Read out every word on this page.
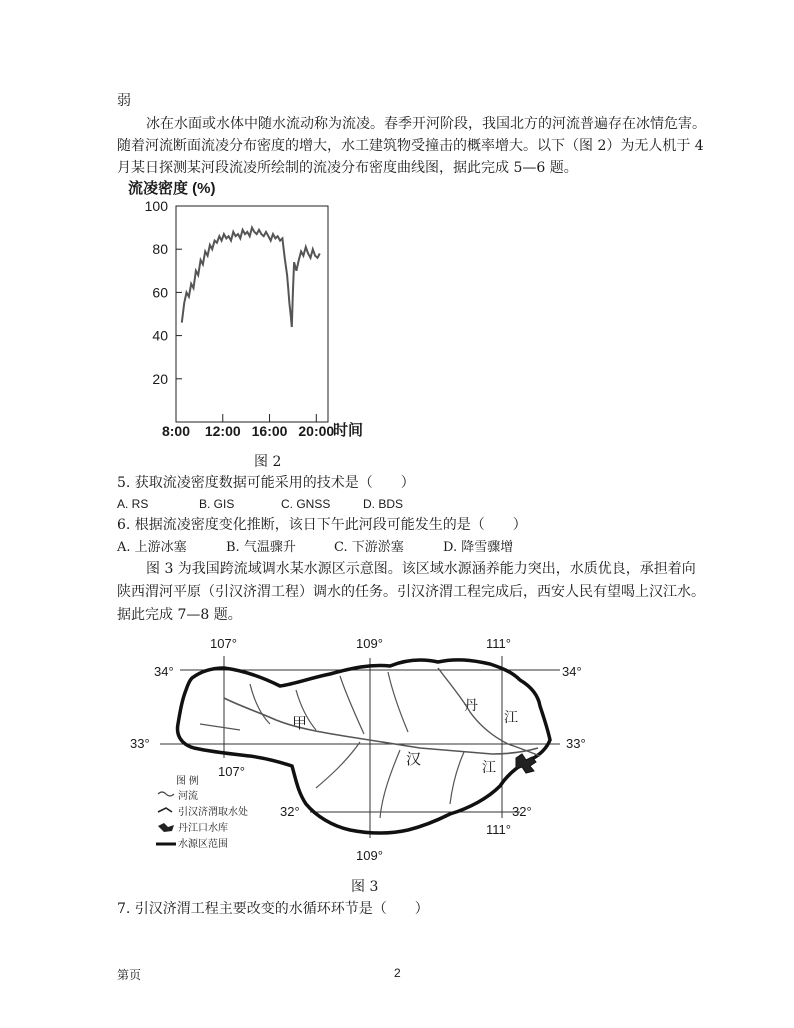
弱
冰在水面或水体中随水流动称为流凌。春季开河阶段，我国北方的河流普遍存在冰情危害。
随着河流断面流凌分布密度的增大，水工建筑物受撞击的概率增大。以下（图 2）为无人机于 4
月某日探测某河段流凌所绘制的流凌分布密度曲线图，据此完成 5—6 题。
流凌密度 (%)
100
80
60
40
20
8:00 12:00 16:00 20:00
时间
图 2
5. 获取流凌密度数据可能采用的技术是（　　）
A. RS	B. GIS	C. GNSS	D. BDS
6. 根据流凌密度变化推断，该日下午此河段可能发生的是（　　）
A. 上游冰塞	B. 气温骤升	C. 下游淤塞	D. 降雪骤增
图 3 为我国跨流域调水某水源区示意图。该区域水源涵养能力突出，水质优良，承担着向
陕西渭河平原（引汉济渭工程）调水的任务。引汉济渭工程完成后，西安人民有望喝上汉江水。
据此完成 7—8 题。
107°	109°	111°
107°
109°
111°
34°	34°
33°	33°
32°	32°
甲
丹
江
汉	江
图 例
河流
引汉济渭取水处
丹江口水库
水源区范围
图 3
7. 引汉济渭工程主要改变的水循环环节是（　　）
第页	2
